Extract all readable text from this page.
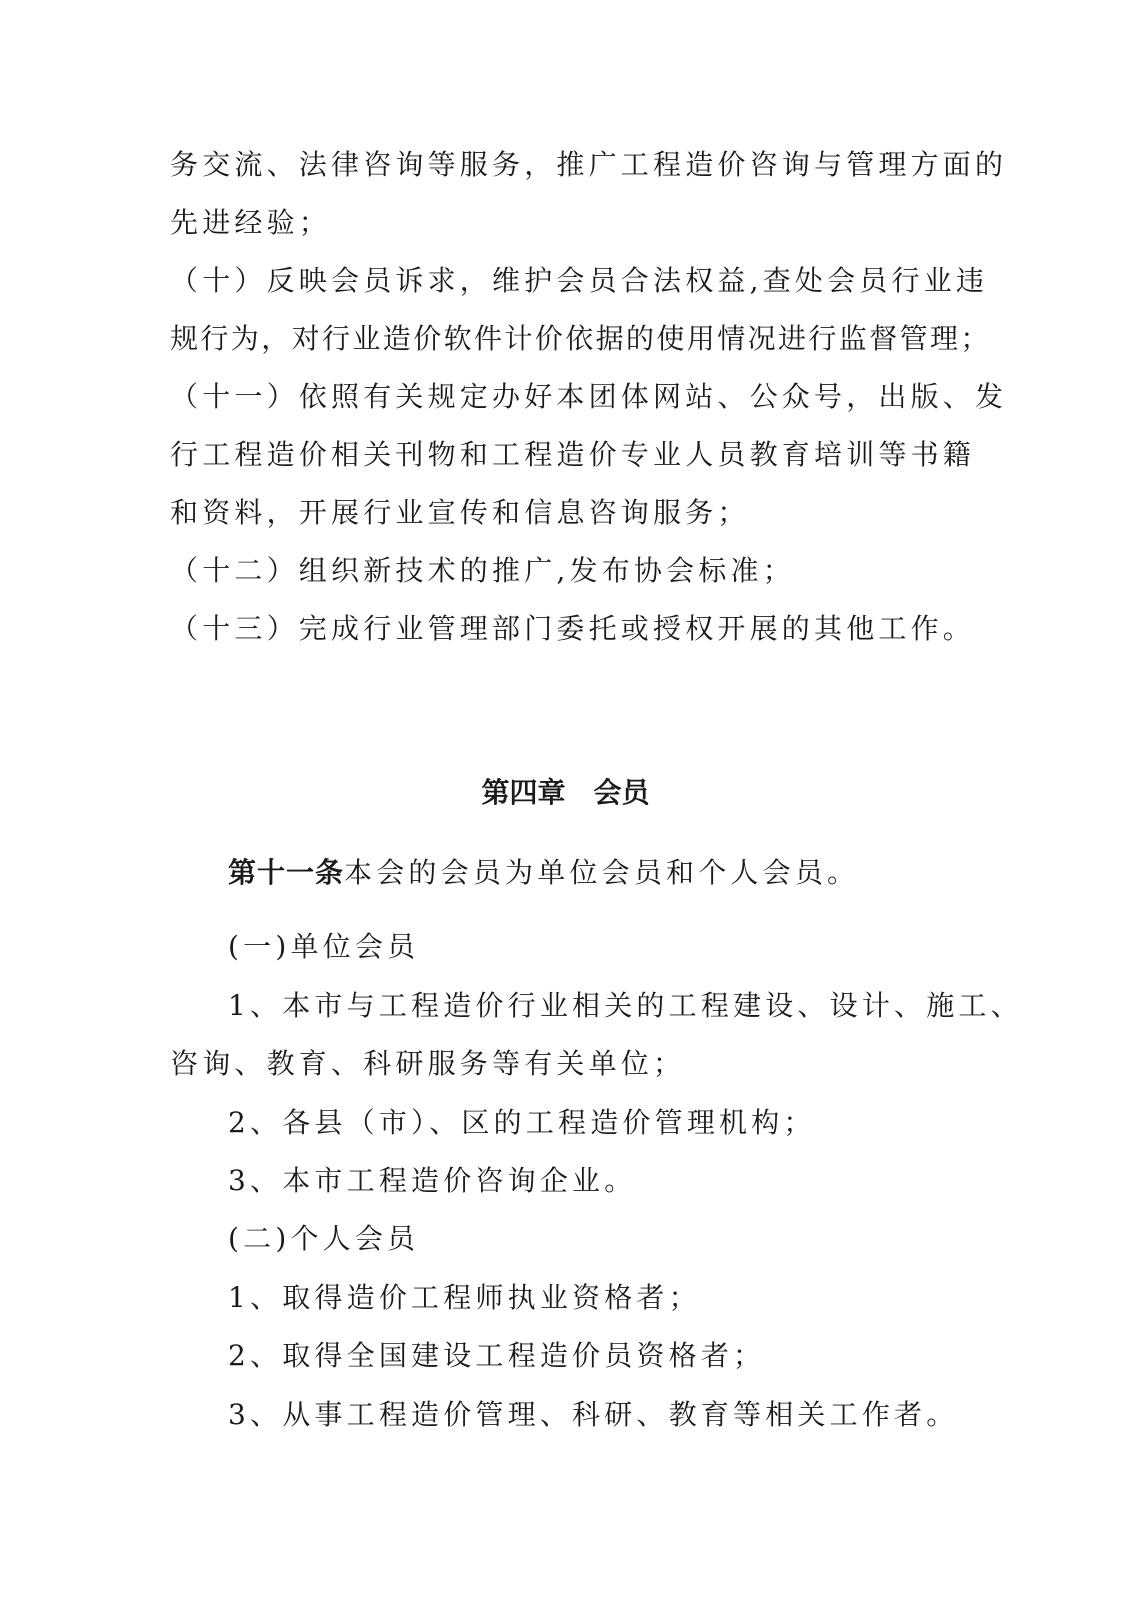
务交流、法律咨询等服务，推广工程造价咨询与管理方面的
先进经验；
（十）反映会员诉求，维护会员合法权益,查处会员行业违
规行为，对行业造价软件计价依据的使用情况进行监督管理；
（十一）依照有关规定办好本团体网站、公众号，出版、发
行工程造价相关刊物和工程造价专业人员教育培训等书籍
和资料，开展行业宣传和信息咨询服务；
（十二）组织新技术的推广,发布协会标准；
（十三）完成行业管理部门委托或授权开展的其他工作。
第四章　会员
第十一条本会的会员为单位会员和个人会员。
(一)单位会员
1、本市与工程造价行业相关的工程建设、设计、施工、
咨询、教育、科研服务等有关单位；
2、各县（市）、区的工程造价管理机构；
3、本市工程造价咨询企业。
(二)个人会员
1、取得造价工程师执业资格者；
2、取得全国建设工程造价员资格者；
3、从事工程造价管理、科研、教育等相关工作者。
